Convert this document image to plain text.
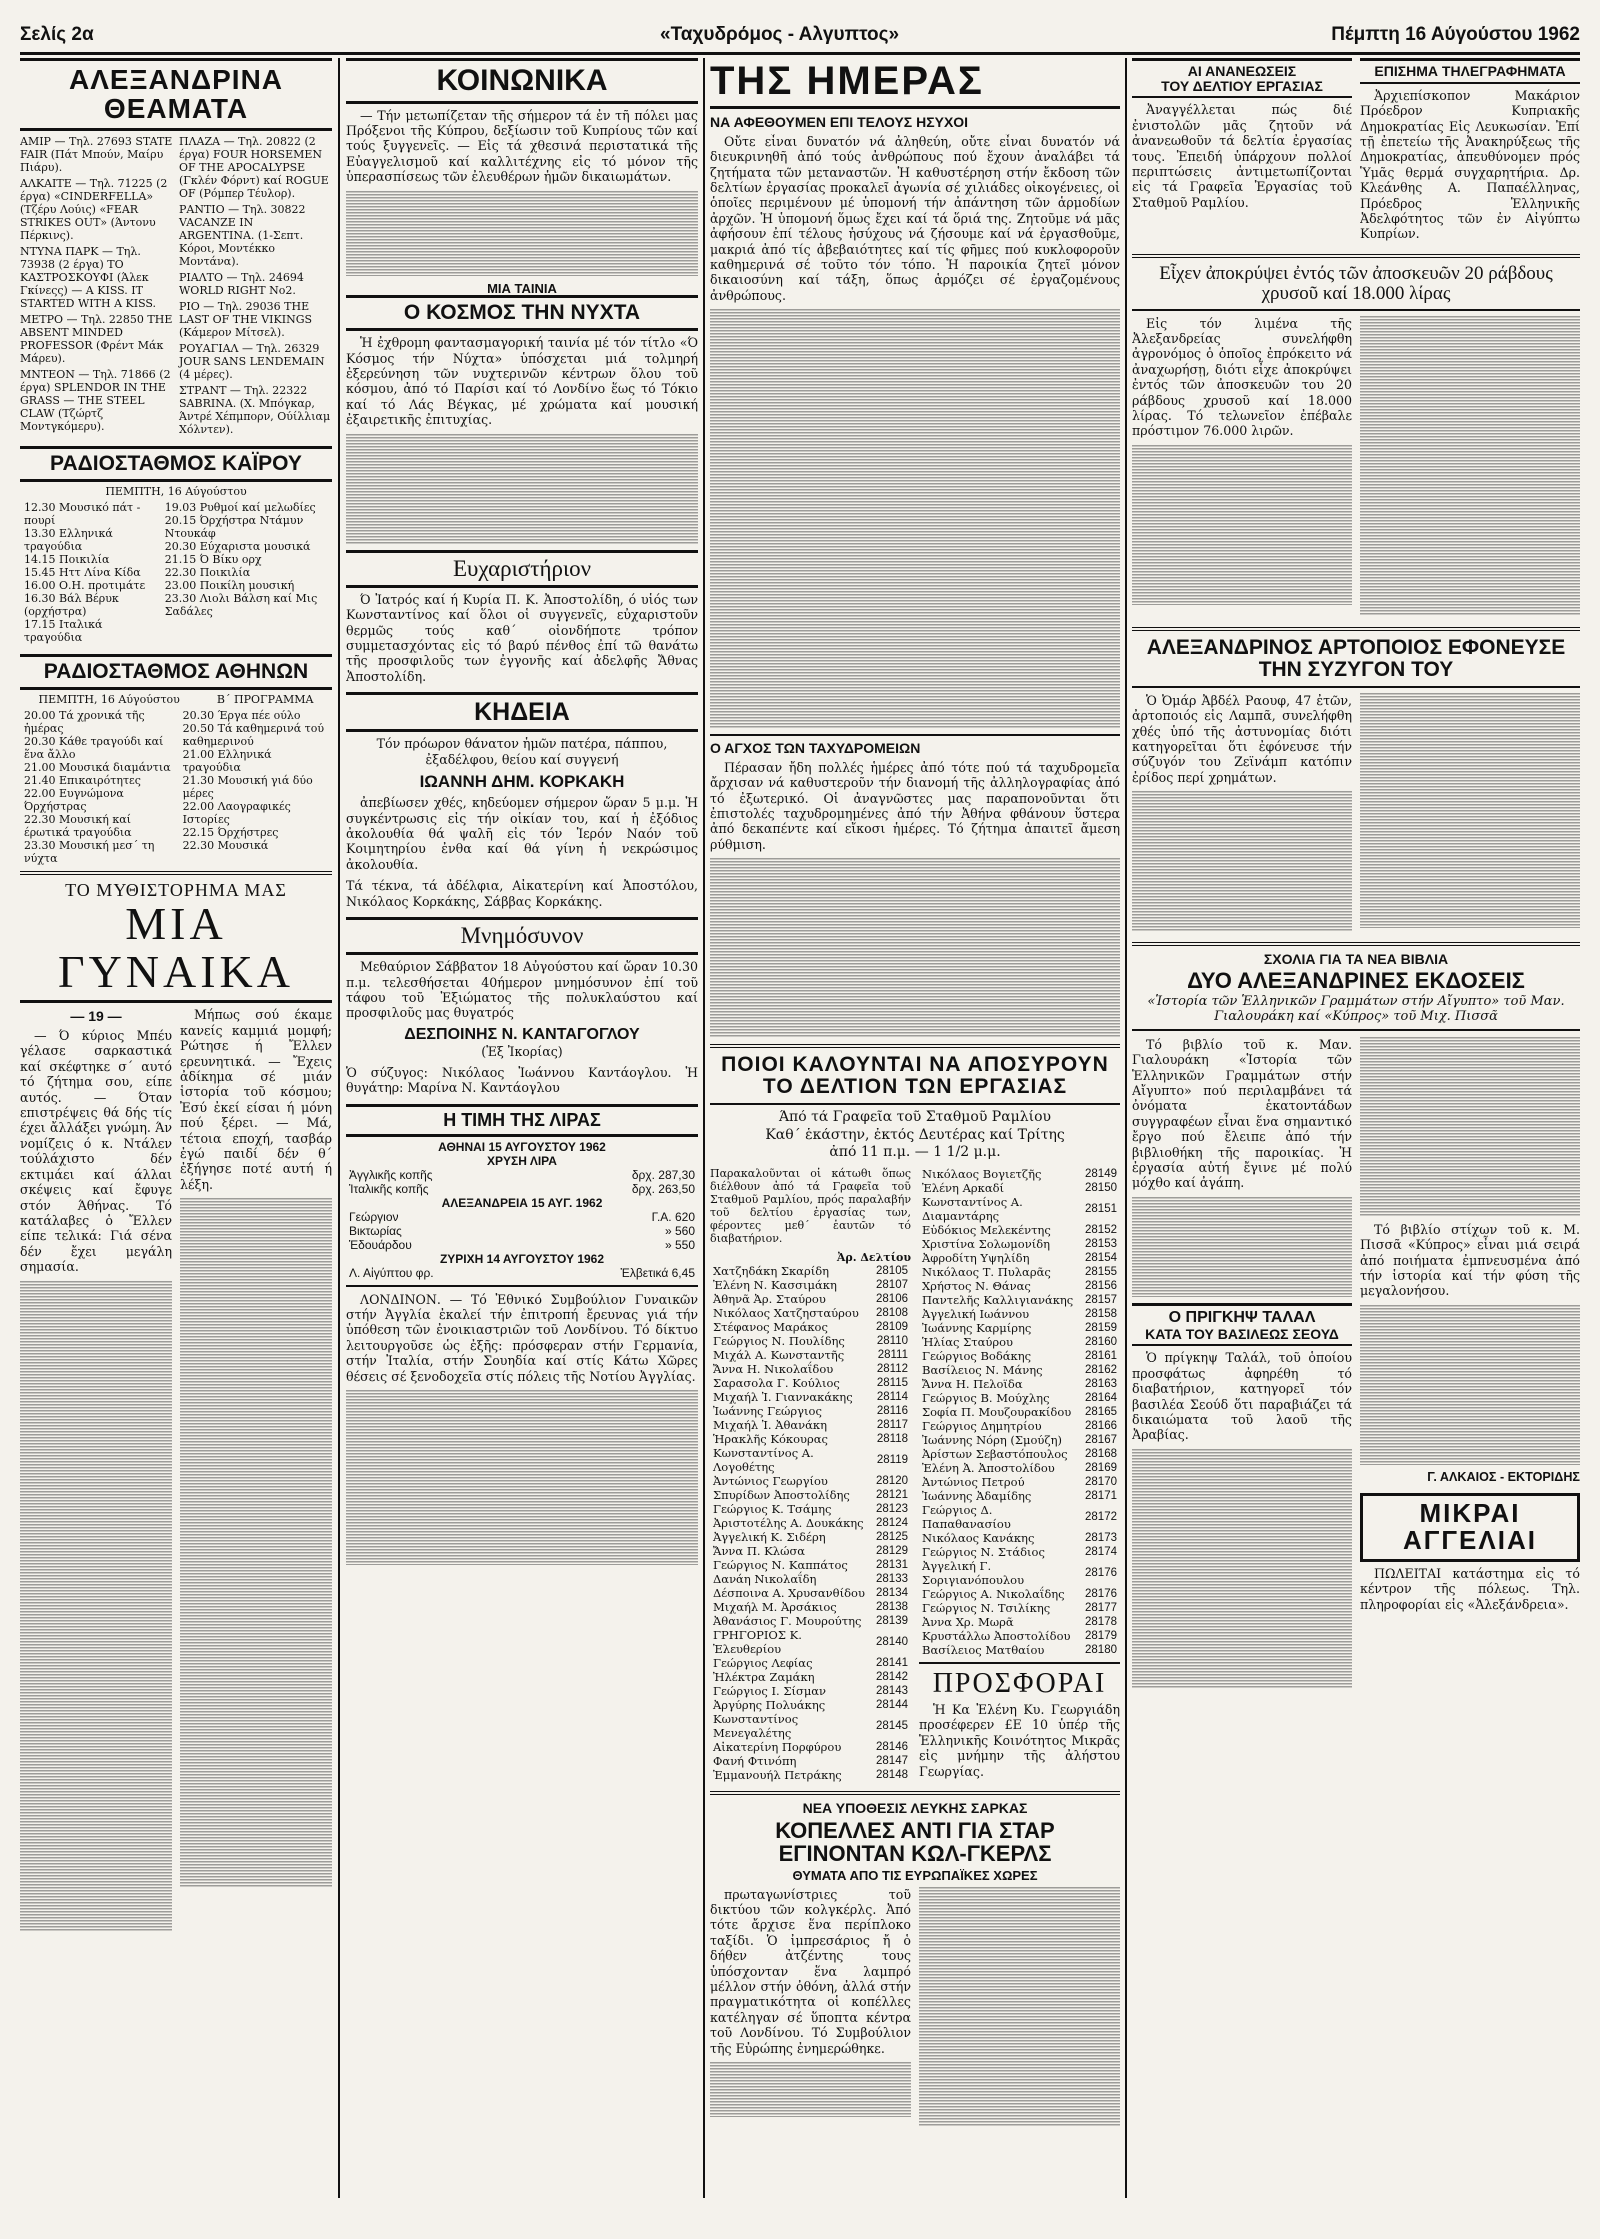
Σελίς 2α	«Ταχυδρόμος - Αλγυπτος»	Πέμπτη 16 Αύγούστου 1962
ΑΛΕΞΑΝΔΡΙΝΑ ΘΕΑΜΑΤΑ
ΑΜΙΡ — Τηλ. 27693 STATE FAIR (Πάτ Μπούν, Μαίρυ Πιάρυ).
ΑΛΚΑΙΤΕ — Τηλ. 71225 (2 έργα) «CINDERFELLA» (Τζέρυ Λούις) «FEAR STRIKES OUT» (Άντονυ Πέρκινς).
ΝΤΥΝΑ ΠΑΡΚ — Τηλ. 73938 (2 έργα) ΤΟ ΚΑΣΤΡΟΣΚΟΥΦΙ (Άλεκ Γκίνεςς) — A KISS. IT STARTED WITH A KISS.
ΜΕΤΡΟ — Τηλ. 22850 THE ABSENT MINDED PROFESSOR (Φρέντ Μάκ Μάρευ).
ΜΝΤΕΟΝ — Τηλ. 71866 (2 έργα) SPLENDOR IN THE GRASS — THE STEEL CLAW (Τζώρτζ Μοντγκόμερυ).
ΠΛΑΖΑ — Τηλ. 20822 (2 έργα) FOUR HORSEMEN OF THE APOCALYPSE (Γκλέν Φόρντ) καί ROGUE OF (Ρόμπερ Τέυλορ).
ΡΑΝΤΙΟ — Τηλ. 30822 VACANZE IN ARGENTINA. (1-Σεπτ. Κόροι, Μοντέκκο Μοντάνα).
ΡΙΑΛΤΟ — Τηλ. 24694 WORLD RIGHT No2.
ΡΙΟ — Τηλ. 29036 THE LAST OF THE VIKINGS (Κάμερον Μίτσελ).
ΡΟΥΑΓΙΑΛ — Τηλ. 26329 JOUR SANS LENDEMAIN (4 μέρες).
ΣΤΡΑΝΤ — Τηλ. 22322 SABRINA. (Χ. Μπόγκαρ, Άντρέ Χέπμπορν, Ούίλλιαμ Χόλντεν).
ΡΑΔΙΟΣΤΑΘΜΟΣ ΚΑΪΡΟΥ
ΠΕΜΠΤΗ, 16 Αύγούστου
12.30 Μουσικό πάτ - πουρί
13.30 Ελληνικά τραγούδια
14.15 Ποικιλία
15.45 Ηττ Λίνα Κίδα
16.00 Ο.Η. προτιμάτε
16.30 Βάλ Βέρυκ (ορχήστρα)
17.15 Ιταλικά τραγούδια

19.03 Ρυθμοί καί μελωδίες
20.15 Όρχήστρα Ντάμυν Ντουκάφ
20.30 Εύχαριστα μουσικά
21.15 Ό Βίκυ ορχ
22.30 Ποικιλία
23.00 Ποικίλη μουσική
23.30 Λιολι Βάλση καί Μις Σαδάλες
ΡΑΔΙΟΣΤΑΘΜΟΣ ΑΘΗΝΩΝ
ΠΕΜΠΤΗ, 16 Αύγούστου	Β΄ ΠΡΟΓΡΑΜΜΑ
20.00 Τά χρονικά τῆς ἡμέρας
20.30 Κάθε τραγούδι καί ἕνα ἄλλο
21.00 Μουσικά διαμάντια
21.40 Επικαιρότητες
22.00 Ευγνώμονα Όρχήστρας
22.30 Μουσική καί έρωτικά τραγούδια
23.30 Μουσική μεσ΄ τη νύχτα

20.30 Έργα πέε ούλο
20.50 Τά καθημερινά τού καθημερινού
21.00 Ελληνικά τραγούδια
21.30 Μουσική γιά δύο μέρες
22.00 Λαογραφικές Ιστορίες
22.15 Όρχήστρες
22.30 Μουσικά
ΤΟ ΜΥΘΙΣΤΟΡΗΜΑ ΜΑΣ
ΜΙΑ ΓΥΝΑΙΚΑ
— 19 —

— Ό κύριος Μπέυ γέλασε σαρκαστικά καί σκέφτηκε σ΄ αυτό τό ζήτημα σου, είπε αυτός. — Όταν επιστρέψεις θά δής τίς έχει ἄλλάξει γνώμη. Άν νομίζεις ό κ. Ντάλεν τούλάχιστο δέν εκτιμάει καί άλλαι σκέψεις καί ἔφυγε στόν Άθήνας. Τό κατάλαβες ὁ Ἔλλεν είπε τελικά: Γιά σένα δέν ἔχει μεγάλη σημασία.

Μήπως σού έκαμε κανείς καμμιά μομφή; Ρώτησε ή Ἔλλεν ερευνητικά. — Ἔχεις ἀδίκημα σέ μιάν ἱστορία τοῦ κόσμου; Ἐσύ ἐκεί είσαι ή μόνη πού ξέρει. — Μά, τέτοια εποχή, τασβάρ ἐγώ παιδί δέν θ΄ ἐξήγησε ποτέ αυτή ή λέξη.

ΚΟΙΝΩΝΙΚΑ

— Τήν μετωπίζεταν τῆς σήμερον τά ἐν τῆ πόλει μας Πρόξενοι τῆς Κύπρου, δεξίωσιν τοῦ Κυπρίους τῶν καί τούς ξυγγενεῖς. — Εἰς τά χθεσινά περιστατικά τῆς Εὐαγγελισμοῦ καί καλλιτέχνης εἰς τό μόνον τῆς ὑπερασπίσεως τῶν ἐλευθέρων ἡμῶν δικαιωμάτων.

ΜΙΑ ΤΑΙΝΙΑ
Ο ΚΟΣΜΟΣ ΤΗΝ ΝΥΧΤΑ

Ἡ ἐχθρομη φαντασμαγορική ταινία μέ τόν τίτλο «Ό Κόσμος τήν Νύχτα» ὑπόσχεται μιά τολμηρή ἐξερεύνηση τῶν νυχτερινῶν κέντρων ὅλου τοῦ κόσμου, ἀπό τό Παρίσι καί τό Λονδίνο ἕως τό Τόκιο καί τό Λάς Βέγκας, μέ χρώματα καί μουσική ἐξαιρετικῆς ἐπιτυχίας.

Ευχαριστήριον

Ό Ἰατρός καί ή Κυρία Π. Κ. Ἀποστολίδη, ό υἱός των Κωνσταντίνος καί ὅλοι οἱ συγγενεῖς, εὐχαριστοῦν θερμῶς τούς καθ΄ οἱονδήποτε τρόπον συμμετασχόντας εἰς τό βαρύ πένθος ἐπί τῶ θανάτω τῆς προσφιλοῦς των ἐγγονῆς καί ἀδελφῆς Ἄθνας Ἀποστολίδη.

ΚΗΔΕΙΑ
Τόν πρόωρον θάνατον ἡμῶν πατέρα, πάππου, ἐξαδέλφου, θείου καί συγγενή
ΙΩΑΝΝΗ ΔΗΜ. ΚΟΡΚΑΚΗ

ἀπεβίωσεν χθές, κηδεύομεν σήμερον ὥραν 5 μ.μ. Ἡ συγκέντρωσις εἰς τήν οἰκίαν του, καί ἡ ἐξόδιος ἀκολουθία θά ψαλῆ εἰς τόν Ἱερόν Ναόν τοῦ Κοιμητηρίου ἐνθα καί θά γίνη ἡ νεκρώσιμος ἀκολουθία.

Τά τέκνα, τά ἀδέλφια, Αἰκατερίνη καί Ἀποστόλου, Νικόλαος Κορκάκης, Σάββας Κορκάκης.
Μνημόσυνον

Μεθαύριον Σάββατον 18 Αὐγούστου καί ὥραν 10.30 π.μ. τελεσθήσεται 40ήμερον μνημόσυνον ἐπί τοῦ τάφου τοῦ Ἐξιώματος τῆς πολυκλαύστου καί προσφιλοῦς μας θυγατρός

ΔΕΣΠΟΙΝΗΣ Ν. ΚΑΝΤΑΓΟΓΛΟΥ
(Ἐξ Ἰκορίας)
Ὁ σύζυγος: Νικόλαος Ἰωάννου Καντάογλου. Ἡ θυγάτηρ: Μαρίνα Ν. Καντάογλου
Η ΤΙΜΗ ΤΗΣ ΛΙΡΑΣ
ΑΘΗΝΑΙ 15 ΑΥΓΟΥΣΤΟΥ 1962	
ΧΡΥΣΗ ΛΙΡΑ	
Ἀγγλικῆς κοπῆς	δρχ. 287,30
Ἰταλικῆς κοπῆς	δρχ. 263,50
ΑΛΕΞΑΝΔΡΕΙΑ 15 ΑΥΓ. 1962	
Γεώργιον	Γ.Α. 620
Βικτωρίας	» 560
Ἑδουάρδου	» 550
ΖΥΡΙΧΗ 14 ΑΥΓΟΥΣΤΟΥ 1962	
Λ. Αἰγύπτου φρ.	Ἑλβετικά 6,45

ΛΟΝΔΙΝΟΝ. — Τό Ἐθνικό Συμβούλιον Γυναικῶν στήν Ἀγγλία ἐκαλεί τήν ἐπιτροπή ἔρευνας γιά τήν ὑπόθεση τῶν ἐνοικιαστριῶν τοῦ Λονδίνου. Τό δίκτυο λειτουργοῦσε ὡς ἐξῆς: πρόσφεραν στήν Γερμανία, στήν Ἰταλία, στήν Σουηδία καί στίς Κάτω Χῶρες θέσεις σέ ξενοδοχεῖα στίς πόλεις τῆς Νοτίου Ἀγγλίας.

ΤΗΣ ΗΜΕΡΑΣ
ΝΑ ΑΦΕΘΟΥΜΕΝ ΕΠΙ ΤΕΛΟΥΣ ΗΣΥΧΟΙ

Οὔτε εἶναι δυνατόν νά ἀληθεύη, οὔτε εἶναι δυνατόν νά διευκρινηθῆ ἀπό τούς ἀνθρώπους πού ἔχουν ἀναλάβει τά ζητήματα τῶν μεταναστῶν. Ἡ καθυστέρηση στήν ἔκδοση τῶν δελτίων ἐργασίας προκαλεῖ ἀγωνία σέ χιλιάδες οἰκογένειες, οἱ ὁποῖες περιμένουν μέ ὑπομονή τήν ἀπάντηση τῶν ἁρμοδίων ἀρχῶν. Ἡ ὑπομονή ὅμως ἔχει καί τά ὅριά της. Ζητοῦμε νά μᾶς ἀφήσουν ἐπί τέλους ἡσύχους νά ζήσουμε καί νά ἐργασθοῦμε, μακριά ἀπό τίς ἀβεβαιότητες καί τίς φῆμες πού κυκλοφοροῦν καθημερινά σέ τοῦτο τόν τόπο. Ἡ παροικία ζητεῖ μόνον δικαιοσύνη καί τάξη, ὅπως ἁρμόζει σέ ἐργαζομένους ἀνθρώπους.

Ο ΑΓΧΟΣ ΤΩΝ ΤΑΧΥΔΡΟΜΕΙΩΝ

Πέρασαν ἤδη πολλές ἡμέρες ἀπό τότε πού τά ταχυδρομεῖα ἄρχισαν νά καθυστεροῦν τήν διανομή τῆς ἀλληλογραφίας ἀπό τό ἐξωτερικό. Οἱ ἀναγνῶστες μας παραπονοῦνται ὅτι ἐπιστολές ταχυδρομημένες ἀπό τήν Ἀθήνα φθάνουν ὕστερα ἀπό δεκαπέντε καί εἴκοσι ἡμέρες. Τό ζήτημα ἀπαιτεῖ ἄμεση ρύθμιση.

ΠΟΙΟΙ ΚΑΛΟΥΝΤΑΙ ΝΑ ΑΠΟΣΥΡΟΥΝ ΤΟ ΔΕΛΤΙΟΝ ΤΩΝ ΕΡΓΑΣΙΑΣ
Άπό τά Γραφεῖα τοῦ Σταθμοῦ Ραμλίου
Καθ΄ ἑκάστην, ἐκτός Δευτέρας καί Τρίτης
ἀπό 11 π.μ. — 1 1/2 μ.μ.
Παρακαλοῦνται οἱ κάτωθι ὅπως διέλθουν ἀπό τά Γραφεῖα τοῦ Σταθμοῦ Ραμλίου, πρός παραλαβήν τοῦ δελτίου ἐργασίας των, φέροντες μεθ΄ ἑαυτῶν τό διαβατήριον.
Ἀρ. Δελτίου
Χατζηδάκη Σκαρίδη	28105
Ἐλένη Ν. Κασσιμάκη	28107
Ἀθηνᾶ Ἀρ. Σταύρου	28106
Νικόλαος Χατζησταύρου	28108
Στέφανος Μαράκος	28109
Γεώργιος Ν. Πουλίδης	28110
Μιχάλ Α. Κωνσταντῆς	28111
Ἄννα Η. Νικολαΐδου	28112
Σαρασολα Γ. Κούλιος	28115
Μιχαήλ Ἰ. Γιαννακάκης	28114
Ἰωάννης Γεώργιος	28116
Μιχαήλ Ἰ. Ἀθανάκη	28117
Ἡρακλῆς Κόκουρας	28118
Κωνσταντίνος Α. Λογοθέτης	28119
Ἀντώνιος Γεωργίου	28120
Σπυρίδων Ἀποστολίδης	28121
Γεώργιος Κ. Τσάμης	28123
Ἀριστοτέλης Α. Δουκάκης	28124
Ἀγγελική Κ. Σιδέρη	28125
Ἄννα Π. Κλώσα	28129
Γεώργιος Ν. Καππάτος	28131
Δανάη Νικολαΐδη	28133
Δέσποινα Α. Χρυσανθίδου	28134
Μιχαήλ Μ. Ἀρσάκιος	28138
Ἀθανάσιος Γ. Μουρούτης	28139
ΓΡΗΓΟΡΙΟΣ Κ. Ἐλευθερίου	28140
Γεώργιος Λεφίας	28141
Ἠλέκτρα Ζαμάκη	28142
Γεώργιος Ι. Σίσμαν	28143
Ἀργύρης Πολυάκης	28144
Κωνσταντίνος Μενεγαλέτης	28145
Αἰκατερίνη Πορφύρου	28146
Φανή Φτινόπη	28147
Ἐμμανουήλ Πετράκης	28148
Νικόλαος Βογιετζῆς	28149
Ἐλένη Αρκαδί	28150
Κωνσταντίνος Α. Διαμαντάρης	28151
Εὐδόκιος Μελεκέντης	28152
Χριστίνα Σολωμονίδη	28153
Ἀφροδίτη Υψηλίδη	28154
Νικόλαος Τ. Πυλαρᾶς	28155
Χρήστος Ν. Θάνας	28156
Παντελῆς Καλλιγιανάκης	28157
Ἀγγελική Ιωάννου	28158
Ἰωάννης Καρμίρης	28159
Ἡλίας Σταύρου	28160
Γεώργιος Βοδάκης	28161
Βασίλειος Ν. Μάνης	28162
Ἄννα Η. Πελοϊδα	28163
Γεώργιος Β. Μούχλης	28164
Σοφία Π. Μουζουρακίδου	28165
Γεώργιος Δημητρίου	28166
Ἰωάννης Νόρη (Σμούζη)	28167
Ἀρίστων Σεβαστόπουλος	28168
Ἐλένη Ἀ. Ἀποστολίδου	28169
Ἀντώνιος Πετρού	28170
Ἰωάννης Ἀδαμίδης	28171
Γεώργιος Δ. Παπαθανασίου	28172
Νικόλαος Κανάκης	28173
Γεώργιος Ν. Στάδιος	28174
Ἀγγελική Γ. Σοριγιανόπουλου	28176
Γεώργιος Α. Νικολαΐδης	28176
Γεώργιος Ν. Τσιλίκης	28177
Ἀννα Χρ. Μωρᾶ	28178
Κρυστάλλω Ἀποστολίδου	28179
Βασίλειος Ματθαίου	28180
ΠΡΟΣΦΟΡΑΙ

Ἡ Κα Ἐλένη Κυ. Γεωργιάδη προσέφερεν £Ε 10 ὑπέρ τῆς Ἑλληνικῆς Κοινότητος Μικρᾶς εἰς μνήμην τῆς ἀλήστου Γεωργίας.

ΝΕΑ ΥΠΟΘΕΣΙΣ ΛΕΥΚΗΣ ΣΑΡΚΑΣ
ΚΟΠΕΛΛΕΣ ΑΝΤΙ ΓΙΑ ΣΤΑΡ
ΕΓΙΝΟΝΤΑΝ ΚΩΛ-ΓΚΕΡΛΣ
ΘΥΜΑΤΑ ΑΠΟ ΤΙΣ ΕΥΡΩΠΑΪΚΕΣ ΧΩΡΕΣ

πρωταγωνίστριες τοῦ δικτύου τῶν κολγκέρλς. Ἀπό τότε ἄρχισε ἕνα περίπλοκο ταξίδι. Ὁ ἰμπρεσάριος ἤ ὁ δήθεν ἀτζέντης τους ὑπόσχονταν ἕνα λαμπρό μέλλον στήν ὀθόνη, ἀλλά στήν πραγματικότητα οἱ κοπέλλες κατέληγαν σέ ὕποπτα κέντρα τοῦ Λονδίνου. Τό Συμβούλιον τῆς Εὐρώπης ἐνημερώθηκε.

ΑΙ ΑΝΑΝΕΩΣΕΙΣ
ΤΟΥ ΔΕΛΤΙΟΥ ΕΡΓΑΣΙΑΣ

Ἀναγγέλλεται πώς διέ ἐνιστολῶν μᾶς ζητοῦν νά ἀνανεωθοῦν τά δελτία ἐργασίας τους. Ἐπειδή ὑπάρχουν πολλοί περιπτώσεις ἀντιμετωπίζονται εἰς τά Γραφεῖα Ἐργασίας τοῦ Σταθμοῦ Ραμλίου.

ΕΠΙΣΗΜΑ ΤΗΛΕΓΡΑΦΗΜΑΤΑ

Ἀρχιεπίσκοπον Μακάριον Πρόεδρον Κυπριακῆς Δημοκρατίας Εἰς Λευκωσίαν. Ἐπί τῇ ἐπετείω τῆς Ἀνακηρύξεως τῆς Δημοκρατίας, ἀπευθύνομεν πρός Ὑμᾶς θερμά συγχαρητήρια. Δρ. Κλεάνθης Α. Παπαέλληνας, Πρόεδρος Ἑλληνικῆς Ἀδελφότητος τῶν ἐν Αἰγύπτω Κυπρίων.

Εἶχεν ἀποκρύψει ἐντός τῶν ἀποσκευῶν 20 ράβδους χρυσοῦ καί 18.000 λίρας

Εἰς τόν λιμένα τῆς Ἀλεξανδρείας συνελήφθη ἀγρονόμος ὁ ὁποῖος ἐπρόκειτο νά ἀναχωρήσῃ, διότι εἶχε ἀποκρύψει ἐντός τῶν ἀποσκευῶν του 20 ράβδους χρυσοῦ καί 18.000 λίρας. Τό τελωνεῖον ἐπέβαλε πρόστιμον 76.000 λιρῶν.

ΑΛΕΞΑΝΔΡΙΝΟΣ ΑΡΤΟΠΟΙΟΣ ΕΦΟΝΕΥΣΕ ΤΗΝ ΣΥΖΥΓΟΝ ΤΟΥ

Ὁ Ὀμάρ Ἀβδέλ Ραουφ, 47 ἐτῶν, ἀρτοποιός εἰς Λαμπᾶ, συνελήφθη χθές ὑπό τῆς ἀστυνομίας διότι κατηγορεῖται ὅτι ἐφόνευσε τήν σύζυγόν του Ζεϊνάμπ κατόπιν ἐρίδος περί χρημάτων.

ΣΧΟΛΙΑ ΓΙΑ ΤΑ ΝΕΑ ΒΙΒΛΙΑ
ΔΥΟ ΑΛΕΞΑΝΔΡΙΝΕΣ ΕΚΔΟΣΕΙΣ
«Ἱστορία τῶν Ἑλληνικῶν Γραμμάτων στήν Αἴγυπτο» τοῦ Μαν. Γιαλουράκη καί «Κύπρος» τοῦ Μιχ. Πισσᾶ

Τό βιβλίο τοῦ κ. Μαν. Γιαλουράκη «Ἱστορία τῶν Ἑλληνικῶν Γραμμάτων στήν Αἴγυπτο» πού περιλαμβάνει τά ὀνόματα ἑκατοντάδων συγγραφέων εἶναι ἕνα σημαντικό ἔργο πού ἔλειπε ἀπό τήν βιβλιοθήκη τῆς παροικίας. Ἡ ἐργασία αὐτή ἔγινε μέ πολύ μόχθο καί ἀγάπη.

Ο ΠΡΙΓΚΗΨ ΤΑΛΑΛ
ΚΑΤΑ ΤΟΥ ΒΑΣΙΛΕΩΣ ΣΕΟΥΔ

Ὁ πρίγκηψ Ταλάλ, τοῦ ὁποίου προσφάτως ἀφηρέθη τό διαβατήριον, κατηγορεῖ τόν βασιλέα Σεούδ ὅτι παραβιάζει τά δικαιώματα τοῦ λαοῦ τῆς Ἀραβίας.

Τό βιβλίο στίχων τοῦ κ. Μ. Πισσᾶ «Κύπρος» εἶναι μιά σειρά ἀπό ποιήματα ἐμπνευσμένα ἀπό τήν ἱστορία καί τήν φύση τῆς μεγαλονήσου.

Γ. ΑΛΚΑΙΟΣ - ΕΚΤΟΡΙΔΗΣ
ΜΙΚΡΑΙ
ΑΓΓΕΛΙΑΙ

ΠΩΛΕΙΤΑΙ κατάστημα εἰς τό κέντρον τῆς πόλεως. Τηλ. πληροφορίαι εἰς «Ἀλεξάνδρεια».
